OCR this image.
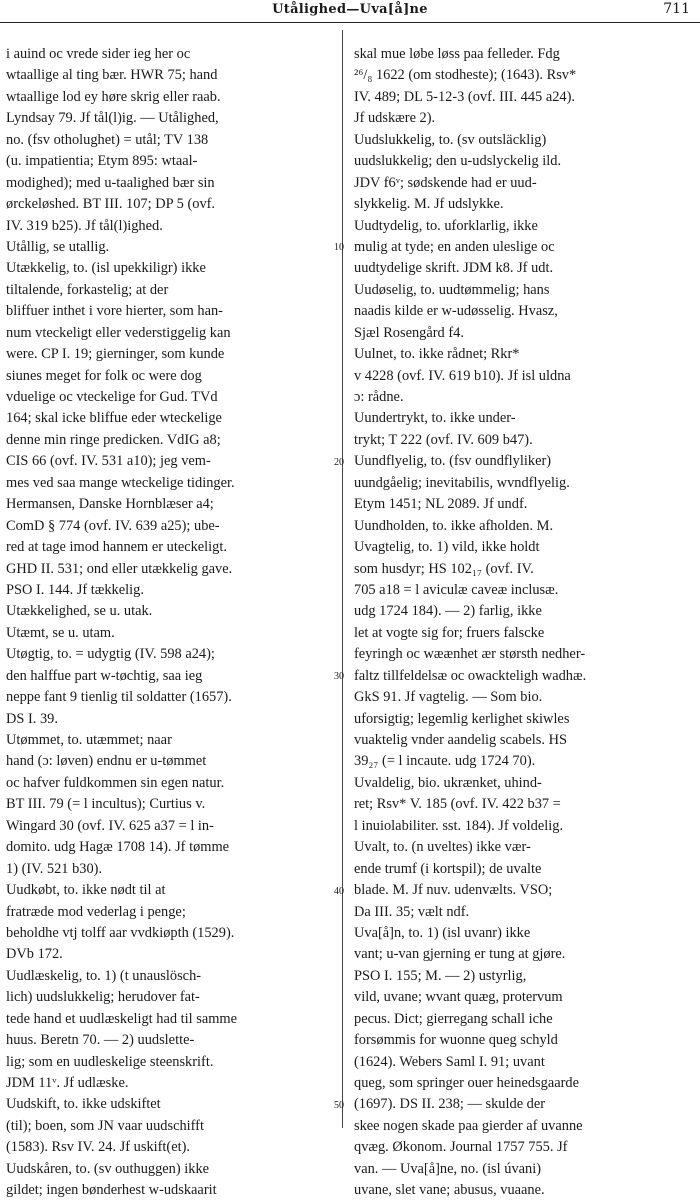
Utålighed—Uva[å]ne	711
i auind oc vrede sider ieg her oc
wtaallige al ting bær. HWR 75; hand
wtaallige lod ey høre skrig eller raab.
Lyndsay 79. Jf tål(l)ig. — Utålighed,
no. (fsv otholughet) = utål; TV 138
(u. impatientia; Etym 895: wtaal-
modighed); med u-taalighed bær sin
ørckeløshed. BT III. 107; DP 5 (ovf.
IV. 319 b25). Jf tål(l)ighed.
Utållig, se utallig.
Utækkelig, to. (isl upekkiligr) ikke
tiltalende, forkastelig; at der
bliffuer inthet i vore hierter, som han-
num vteckeligt eller vederstiggelig kan
were. CP I. 19; gierninger, som kunde
siunes meget for folk oc were dog
vduelige oc vteckelige for Gud. TVd
164; skal icke bliffue eder wteckelige
denne min ringe predicken. VdIG a8;
CIS 66 (ovf. IV. 531 a10); jeg vem-
mes ved saa mange wteckelige tidinger.
Hermansen, Danske Hornblæser a4;
ComD § 774 (ovf. IV. 639 a25); ube-
red at tage imod hannem er uteckeligt.
GHD II. 531; ond eller utækkelig gave.
PSO I. 144. Jf tækkelig.
Utækkelighed, se u. utak.
Utæmt, se u. utam.
Utøgtig, to. = udygtig (IV. 598 a24);
den halffue part w-tøchtig, saa ieg
neppe fant 9 tienlig til soldatter (1657).
DS I. 39.
Utømmet, to. utæmmet; naar
hand (ɔ: løven) endnu er u-tømmet
oc hafver fuldkommen sin egen natur.
BT III. 79 (= l incultus); Curtius v.
Wingard 30 (ovf. IV. 625 a37 = l in-
domito. udg Hagæ 1708 14). Jf tømme
1) (IV. 521 b30).
Uudkøbt, to. ikke nødt til at
fratræde mod vederlag i penge;
beholdhe vtj tolff aar vvdkiøpth (1529).
DVb 172.
Uudlæskelig, to. 1) (t unauslösch-
lich) uudslukkelig; herudover fat-
tede hand et uudlæskeligt had til samme
huus. Beretn 70. — 2) uudslette-
lig; som en uudleskelige steenskrift.
JDM 11ᵛ. Jf udlæske.
Uudskift, to. ikke udskiftet
(til); boen, som JN vaar uudschifft
(1583). Rsv IV. 24. Jf uskift(et).
Uudskåren, to. (sv outhuggen) ikke
gildet; ingen bønderhest w-udskaarit
skal mue løbe løss paa felleder. Fdg
²⁶/₈ 1622 (om stodheste); (1643). Rsv*
IV. 489; DL 5-12-3 (ovf. III. 445 a24).
Jf udskære 2).
Uudslukkelig, to. (sv outsläcklig)
uudslukkelig; den u-udslyckelig ild.
JDV f6ᵛ; sødskende had er uud-
slykkelig. M. Jf udslykke.
Uudtydelig, to. uforklarlig, ikke
mulig at tyde; en anden uleslige oc
uudtydelige skrift. JDM k8. Jf udt.
Uudøselig, to. uudtømmelig; hans
naadis kilde er w-udøsselig. Hvasz,
Sjæl Rosengård f4.
Uulnet, to. ikke rådnet; Rkr*
v 4228 (ovf. IV. 619 b10). Jf isl uldna
ɔ: rådne.
Uundertrykt, to. ikke under-
trykt; T 222 (ovf. IV. 609 b47).
Uundflyelig, to. (fsv oundflyliker)
uundgåelig; inevitabilis, wvndflyelig.
Etym 1451; NL 2089. Jf undf.
Uundholden, to. ikke afholden. M.
Uvagtelig, to. 1) vild, ikke holdt
som husdyr; HS 102₁₇ (ovf. IV.
705 a18 = l aviculæ caveæ inclusæ.
udg 1724 184). — 2) farlig, ikke
let at vogte sig for; fruers falscke
feyringh oc wæænhet ær størsth nedher-
faltz tillfeldelsæ oc owackteligh wadhæ.
GkS 91. Jf vagtelig. — Som bio.
uforsigtig; legemlig kerlighet skiwles
vuaktelig vnder aandelig scabels. HS
39₂₇ (= l incaute. udg 1724 70).
Uvaldelig, bio. ukrænket, uhind-
ret; Rsv* V. 185 (ovf. IV. 422 b37 =
l inuiolabiliter. sst. 184). Jf voldelig.
Uvalt, to. (n uveltes) ikke vær-
ende trumf (i kortspil); de uvalte
blade. M. Jf nuv. udenvælts. VSO;
Da III. 35; vælt ndf.
Uva[å]n, to. 1) (isl uvanr) ikke
vant; u-van gjerning er tung at gjøre.
PSO I. 155; M. — 2) ustyrlig,
vild, uvane; wvant quæg, protervum
pecus. Dict; gierregang schall iche
forsømmis for wuonne queg schyld
(1624). Webers Saml I. 91; uvant
queg, som springer ouer heinedsgaarde
(1697). DS II. 238; — skulde der
skee nogen skade paa gierder af uvanne
qvæg. Økonom. Journal 1757 755. Jf
van. — Uva[å]ne, no. (isl úvani)
uvane, slet vane; abusus, vuaane.
10
20
30
40
50
